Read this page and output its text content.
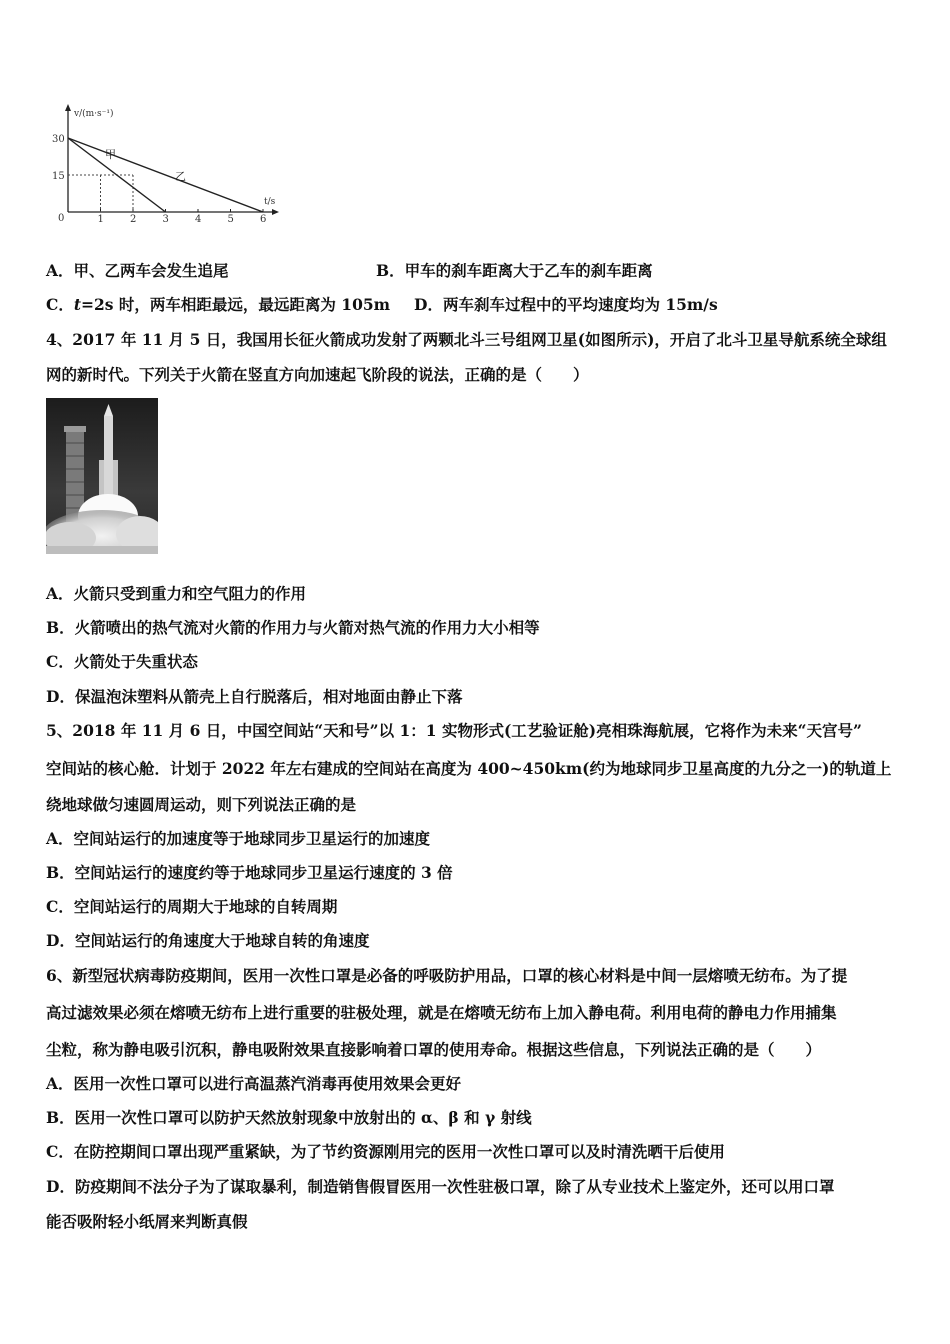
v/(m·s⁻¹)
t/s
0
30
15
1	2	3	4	5	6
甲
乙
A．甲、乙两车会发生追尾	B．甲车的刹车距离大于乙车的刹车距离
C．t=2s 时，两车相距最远，最远距离为 105m D．两车刹车过程中的平均速度均为 15m/s
4、2017 年 11 月 5 日，我国用长征火箭成功发射了两颗北斗三号组网卫星(如图所示)，开启了北斗卫星导航系统全球组
网的新时代。下列关于火箭在竖直方向加速起飞阶段的说法，正确的是（　　）
A．火箭只受到重力和空气阻力的作用
B．火箭喷出的热气流对火箭的作用力与火箭对热气流的作用力大小相等
C．火箭处于失重状态
D．保温泡沫塑料从箭壳上自行脱落后，相对地面由静止下落
5、2018 年 11 月 6 日，中国空间站“天和号”以 1：1 实物形式(工艺验证舱)亮相珠海航展，它将作为未来“天宫号”
空间站的核心舱．计划于 2022 年左右建成的空间站在高度为 400~450km(约为地球同步卫星高度的九分之一)的轨道上
绕地球做匀速圆周运动，则下列说法正确的是
A．空间站运行的加速度等于地球同步卫星运行的加速度
B．空间站运行的速度约等于地球同步卫星运行速度的 3 倍
C．空间站运行的周期大于地球的自转周期
D．空间站运行的角速度大于地球自转的角速度
6、新型冠状病毒防疫期间，医用一次性口罩是必备的呼吸防护用品，口罩的核心材料是中间一层熔喷无纺布。为了提
高过滤效果必须在熔喷无纺布上进行重要的驻极处理，就是在熔喷无纺布上加入静电荷。利用电荷的静电力作用捕集
尘粒，称为静电吸引沉积，静电吸附效果直接影响着口罩的使用寿命。根据这些信息，下列说法正确的是（　　）
A．医用一次性口罩可以进行高温蒸汽消毒再使用效果会更好
B．医用一次性口罩可以防护天然放射现象中放射出的 α、β 和 γ 射线
C．在防控期间口罩出现严重紧缺，为了节约资源刚用完的医用一次性口罩可以及时清洗晒干后使用
D．防疫期间不法分子为了谋取暴利，制造销售假冒医用一次性驻极口罩，除了从专业技术上鉴定外，还可以用口罩
能否吸附轻小纸屑来判断真假
